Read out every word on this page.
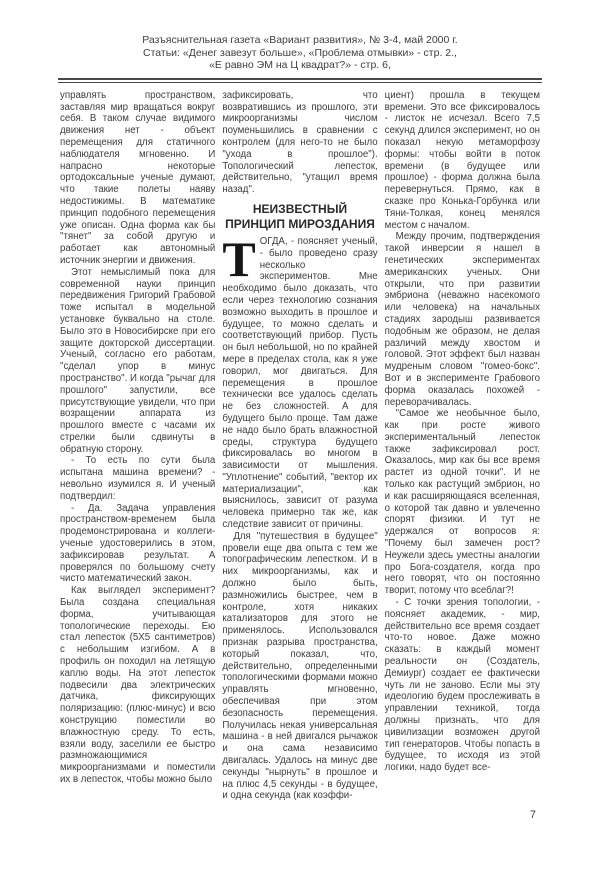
Разъяснительная газета «Вариант развития», № 3-4, май 2000 г.
Статьи: «Денег завезут больше», «Проблема отмывки» - стр. 2.,
«Е равно ЭМ на Ц квадрат?» - стр. 6,

управлять пространством, заставляя мир вращаться вокруг себя. В таком случае видимого движения нет - объект перемещения для статичного наблюдателя мгновенно. И напрасно некоторые ортодоксальные ученые думают, что такие полеты наяву недостижимы. В математике принцип подобного перемещения уже описан. Одна форма как бы "тянет" за собой другую и работает как автономный источник энергии и движения.

Этот немыслимый пока для современной науки принцип передвижения Григорий Грабовой тоже испытал в модельной установке буквально на столе. Было это в Новосибирске при его защите докторской диссертации. Ученый, согласно его работам, "сделал упор в минус пространство". И когда "рычаг для прошлого" запустили, все присутствующие увидели, что при возращении аппарата из прошлого вместе с часами их стрелки были сдвинуты в обратную сторону.

- То есть по сути была испытана машина времени? - невольно изумился я. И ученый подтвердил:

- Да. Задача управления пространством-временем была продемонстрирована и коллеги-ученые удостоверились в этом, зафиксировав результат. А проверялся по большому счету чисто математический закон.

Как выглядел эксперимент? Была создана специальная форма, учитывающая топологические переходы. Ею стал лепесток (5Х5 сантиметров) с небольшим изгибом. А в профиль он походил на летящую каплю воды. На этот лепесток подвесили два электрических датчика, фиксирующих поляризацию: (плюс-минус) и всю конструкцию поместили во влажностную среду. То есть, взяли воду, заселили ее быстро размножающимися микроорганизмами и поместили их в лепесток, чтобы можно было

зафиксировать, что возвратившись из прошлого, эти микроорганизмы числом поуменьшились в сравнении с контролем (для него-то не было "ухода в прошлое"). Топологический лепесток, действительно, "утащил время назад".

НЕИЗВЕСТНЫЙ
ПРИНЦИП МИРОЗДАНИЯ

ТОГДА, - поясняет ученый, - было проведено сразу несколько экспериментов. Мне необходимо было доказать, что если через технологию сознания возможно выходить в прошлое и будущее, то можно сделать и соответствующий прибор. Пусть он был небольшой, но по крайней мере в пределах стола, как я уже говорил, мог двигаться. Для перемещения в прошлое технически все удалось сделать не без сложностей. А для будущего было проще. Там даже не надо было брать влажностной среды, структура будущего фиксировалась во многом в зависимости от мышления. "Уплотнение" событий, "вектор их материализации", как выяснилось, зависит от разума человека примерно так же, как следствие зависит от причины.

Для "путешествия в будущее" провели еще два опыта с тем же топографическим лепестком. И в них микроорганизмы, как и должно было быть, размножились быстрее, чем в контроле, хотя никаких катализаторов для этого не применялось. Использовался признак разрыва пространства, который показал, что, действительно, определенными топологическими формами можно управлять мгновенно, обеспечивая при этом безопасность перемещения. Получилась некая универсальная машина - в ней двигался рычажок и она сама независимо двигалась. Удалось на минус две секунды "нырнуть" в прошлое и на плюс 4,5 секунды - в будущее, и одна секунда (как коэффи-

циент) прошла в текущем времени. Это все фиксировалось - листок не исчезал. Всего 7,5 секунд длился эксперимент, но он показал некую метаморфозу формы: чтобы войти в поток времени (в будущее или прошлое) - форма должна была перевернуться. Прямо, как в сказке про Конька-Горбунка или Тяни-Толкая, конец менялся местом с началом.

Между прочим, подтверждения такой инверсии я нашел в генетических экспериментах американских ученых. Они открыли, что при развитии эмбриона (неважно насекомого или человека) на начальных стадиях зародыш развивается подобным же образом, не делая различий между хвостом и головой. Этот эффект был назван мудреным словом "гомео-бокс". Вот и в эксперименте Грабового форма оказалась похожей - переворачивалась.

"Самое же необычное было, как при росте живого экспериментальный лепесток также зафиксировал рост. Оказалось, мир как бы все время растет из одной точки". И не только как растущий эмбрион, но и как расширяющаяся вселенная, о которой так давно и увлеченно спорят физики. И тут не удержался от вопросов я: "Почему был замечен рост? Неужели здесь уместны аналогии про Бога-создателя, когда про него говорят, что он постоянно творит, потому что всеблаг?!

- С точки зрения топологии, - поясняет академик, - мир, действительно все время создает что-то новое. Даже можно сказать: в каждый момент реальности он (Создатель, Демиург) создает ее фактически чуть ли не заново. Если мы эту идеологию будем прослеживать в управлении техникой, тогда должны признать, что для цивилизации возможен другой тип генераторов. Чтобы попасть в будущее, то исходя из этой логики, надо будет все-

7
